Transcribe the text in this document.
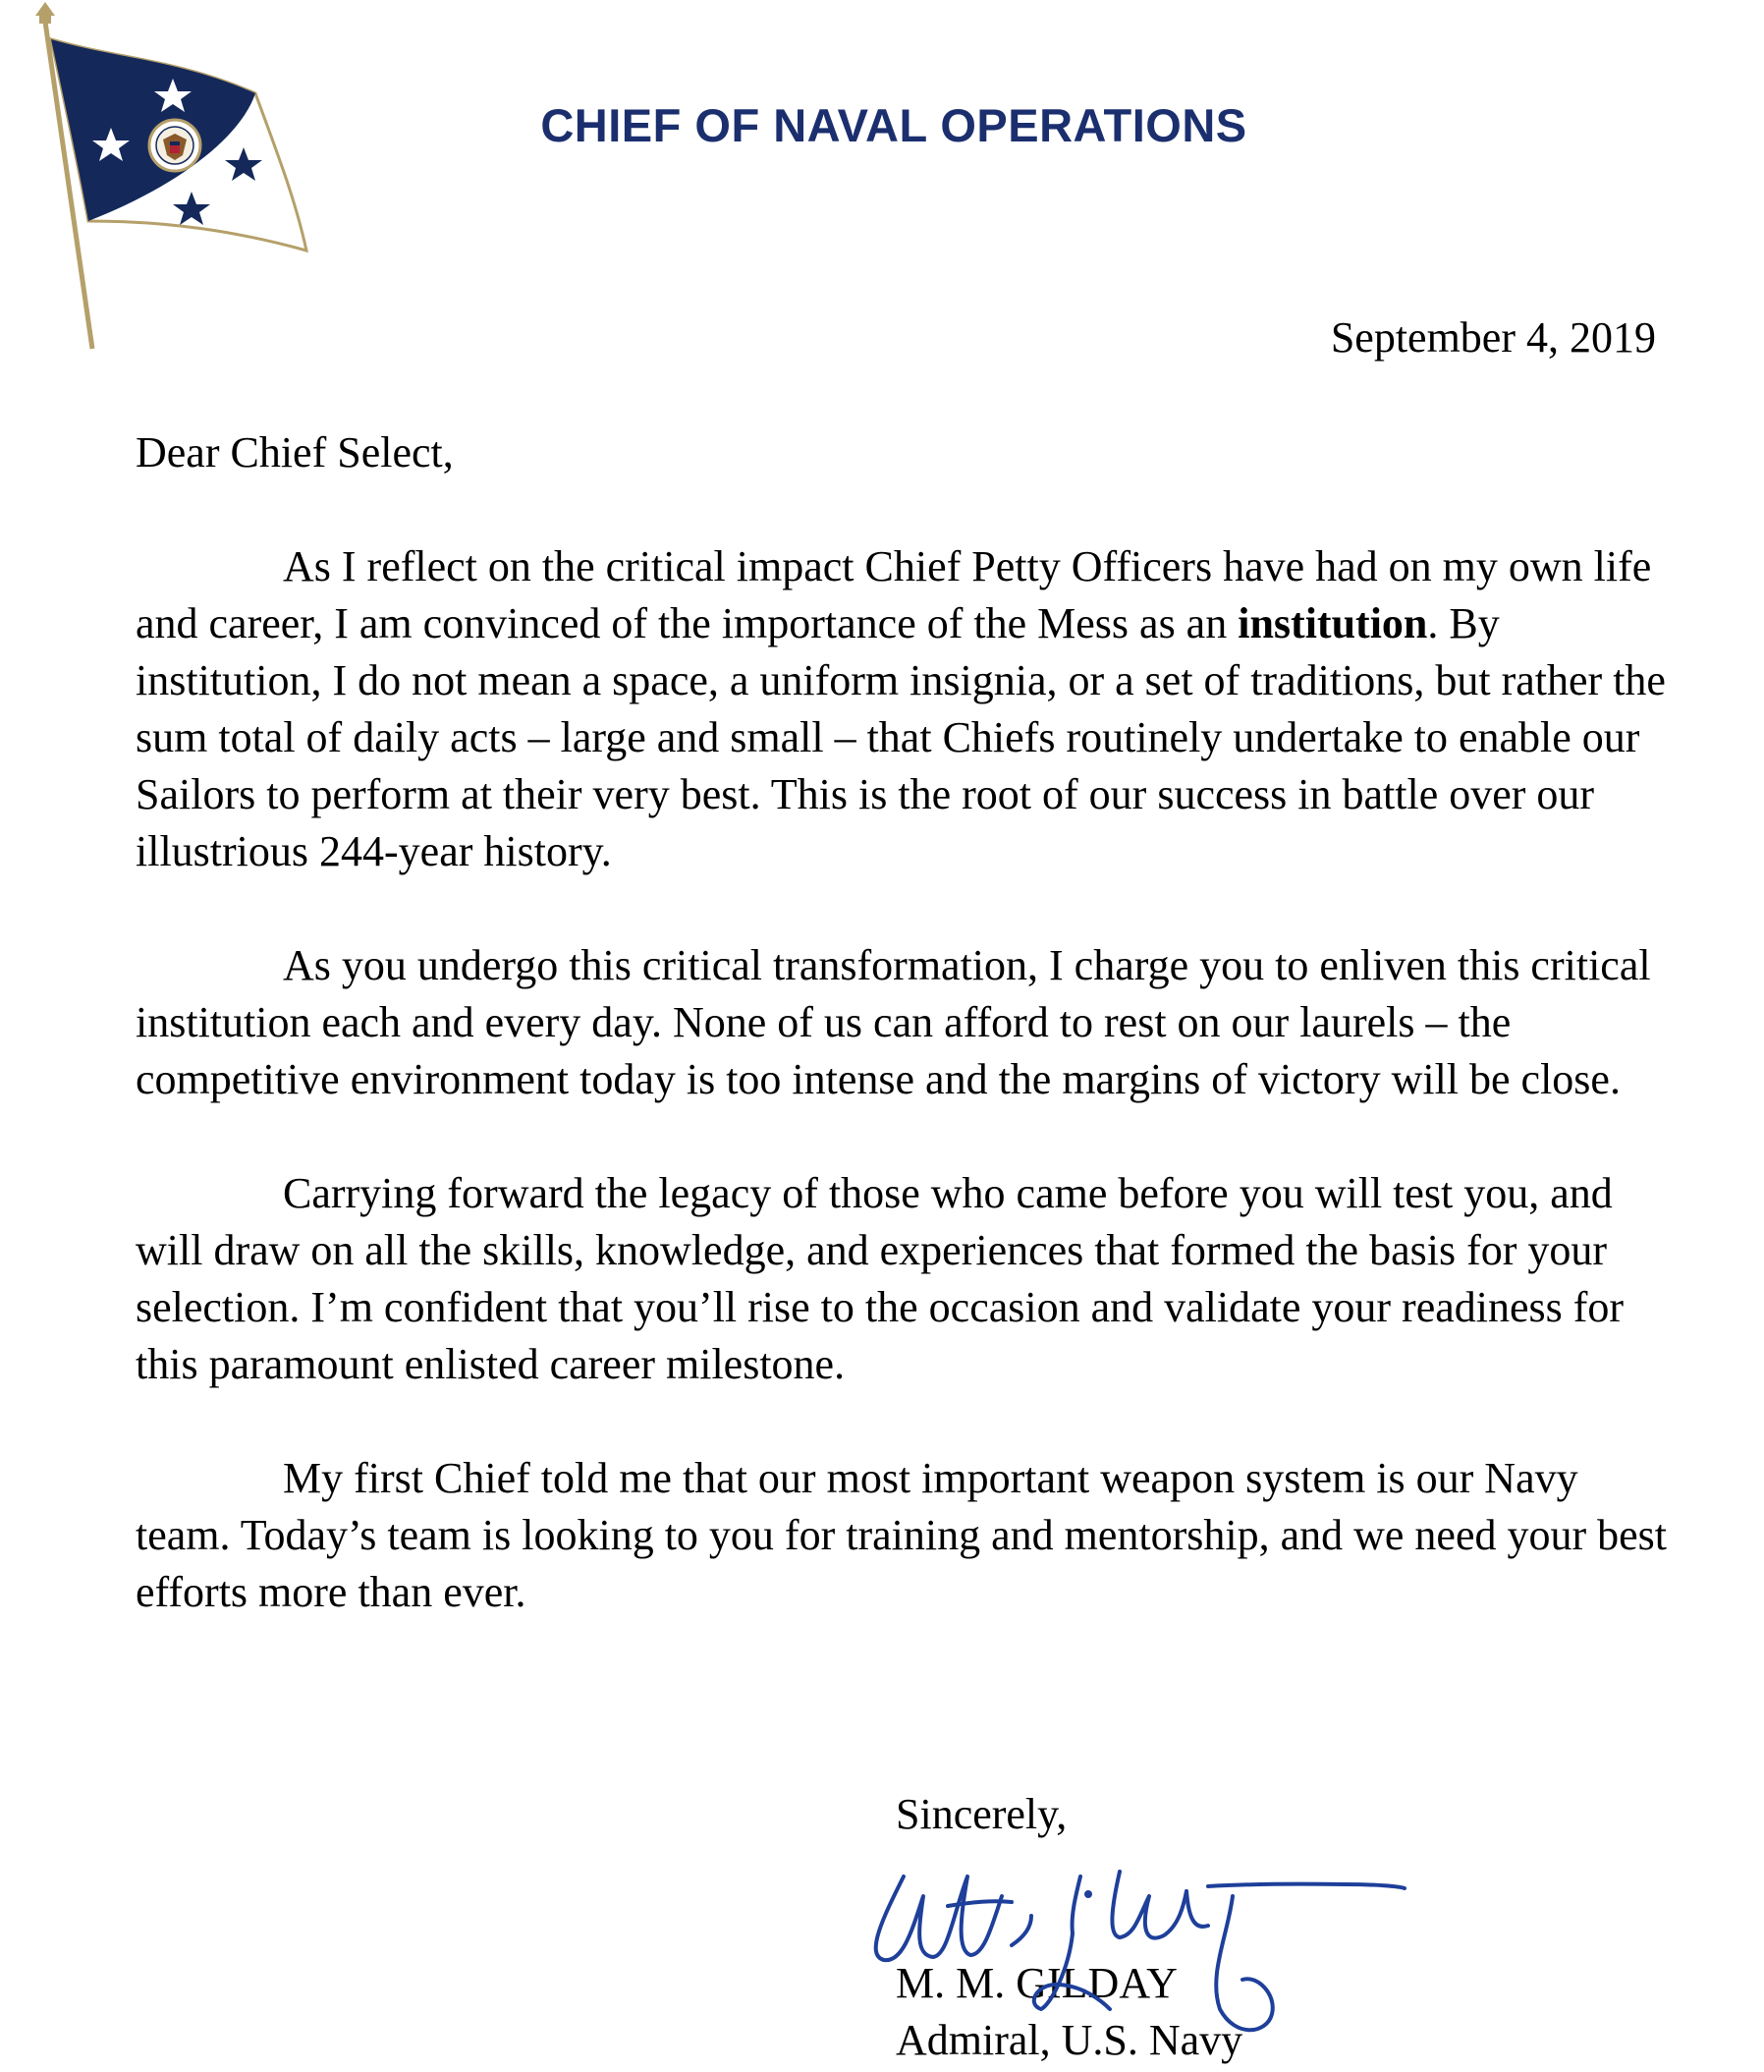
CHIEF OF NAVAL OPERATIONS

September 4, 2019

Dear Chief Select,

As I reflect on the critical impact Chief Petty Officers have had on my own life and career, I am convinced of the importance of the Mess as an institution. By institution, I do not mean a space, a uniform insignia, or a set of traditions, but rather the sum total of daily acts – large and small – that Chiefs routinely undertake to enable our Sailors to perform at their very best. This is the root of our success in battle over our illustrious 244-year history.

As you undergo this critical transformation, I charge you to enliven this critical institution each and every day. None of us can afford to rest on our laurels – the competitive environment today is too intense and the margins of victory will be close.

Carrying forward the legacy of those who came before you will test you, and will draw on all the skills, knowledge, and experiences that formed the basis for your selection. I’m confident that you’ll rise to the occasion and validate your readiness for this paramount enlisted career milestone.

My first Chief told me that our most important weapon system is our Navy team. Today’s team is looking to you for training and mentorship, and we need your best efforts more than ever.

Sincerely,

M. M. GILDAY
Admiral, U.S. Navy
